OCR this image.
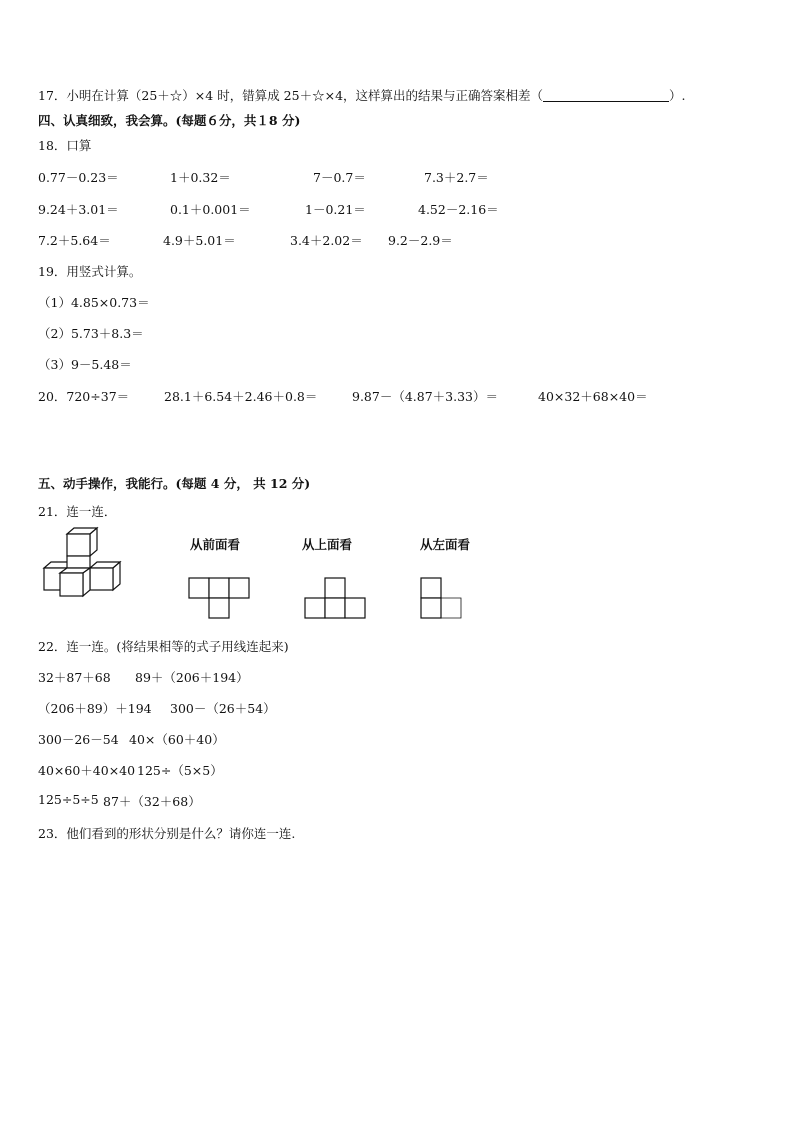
17．小明在计算（25＋☆）×4 时，错算成 25＋☆×4，这样算出的结果与正确答案相差（	）.
四、认真细致，我会算。(每题６分，共１8 分)
18．口算
0.77－0.23＝	1＋0.32＝	7－0.7＝	7.3＋2.7＝
9.24＋3.01＝	0.1＋0.001＝	1－0.21＝	4.52－2.16＝
7.2＋5.64＝	4.9＋5.01＝	3.4＋2.02＝ 9.2－2.9＝
19．用竖式计算。
（1）4.85×0.73＝
（2）5.73＋8.3＝
（3）9－5.48＝
20．720÷37＝	28.1＋6.54＋2.46＋0.8＝	9.87－（4.87＋3.33）＝	40×32＋68×40＝
五、动手操作，我能行。(每题 4 分， 共 12 分)
21．连一连．
从前面看	从上面看	从左面看
22．连一连。(将结果相等的式子用线连起来)
32＋87＋68 89＋（206＋194）
（206＋89）＋194 300－（26＋54）
300－26－54 40×（60＋40）
40×60＋40×40 125÷（5×5）
125÷5÷5 87＋（32＋68）
23．他们看到的形状分别是什么？请你连一连.
